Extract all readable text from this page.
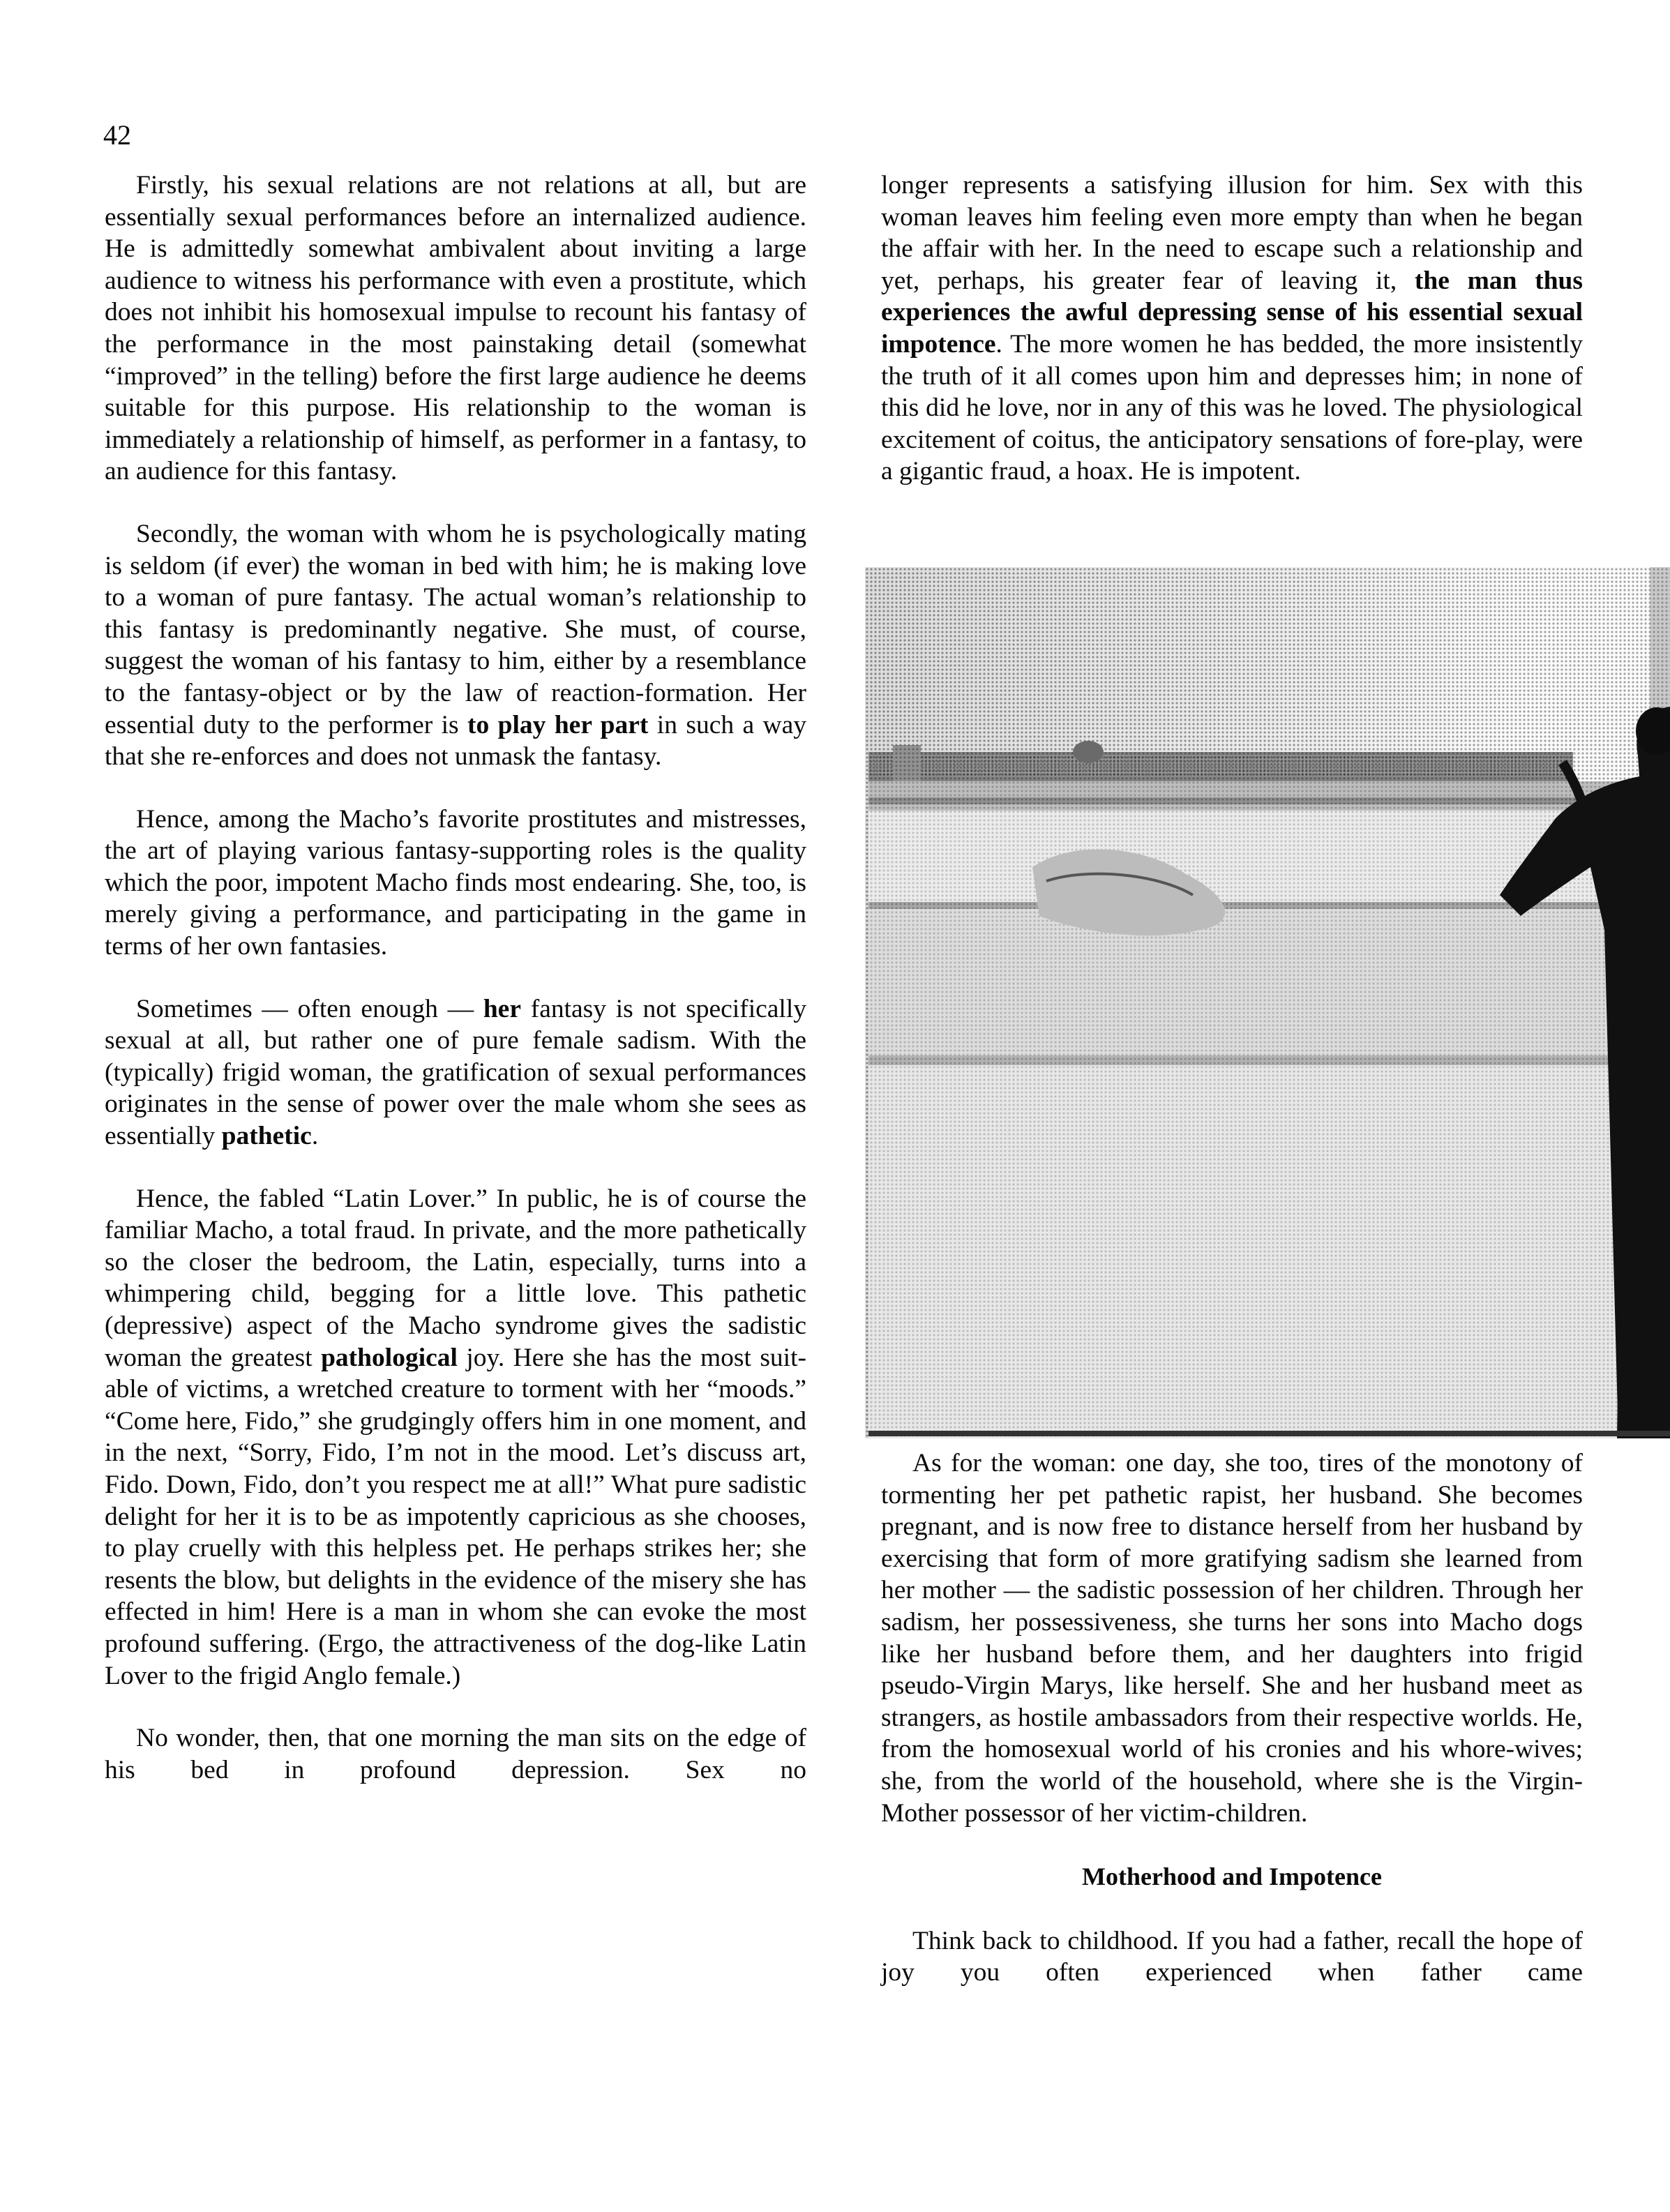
42

Firstly, his sexual relations are not relations at all, but are essentially sexual performances before an internalized audience. He is admittedly somewhat ambivalent about inviting a large audience to witness his performance with even a prostitute, which does not inhibit his homosexual impulse to recount his fantasy of the performance in the most painstaking detail (somewhat “improved” in the telling) before the first large audience he deems suitable for this purpose. His relationship to the woman is immediately a relationship of himself, as performer in a fantasy, to an audience for this fantasy.

Secondly, the woman with whom he is psychologically mating is seldom (if ever) the woman in bed with him; he is making love to a woman of pure fantasy. The actual woman’s relationship to this fantasy is predominantly negative. She must, of course, suggest the woman of his fantasy to him, either by a resemblance to the fantasy-object or by the law of reaction-formation. Her essential duty to the performer is to play her part in such a way that she re-enforces and does not unmask the fantasy.

Hence, among the Macho’s favorite prostitutes and mistresses, the art of playing various fantasy-supporting roles is the quality which the poor, impotent Macho finds most endearing. She, too, is merely giving a performance, and participating in the game in terms of her own fantasies.

Sometimes — often enough — her fantasy is not specifically sexual at all, but rather one of pure female sadism. With the (typically) frigid woman, the gratification of sexual performances originates in the sense of power over the male whom she sees as essentially pathetic.

Hence, the fabled “Latin Lover.” In public, he is of course the familiar Macho, a total fraud. In private, and the more pathetically so the closer the bedroom, the Latin, especially, turns into a whimpering child, begging for a little love. This pathetic (depressive) aspect of the Macho syndrome gives the sadistic woman the greatest pathological joy. Here she has the most suitable of victims, a wretched creature to torment with her “moods.” “Come here, Fido,” she grudgingly offers him in one moment, and in the next, “Sorry, Fido, I’m not in the mood. Let’s discuss art, Fido. Down, Fido, don’t you respect me at all!” What pure sadistic delight for her it is to be as impotently capricious as she chooses, to play cruelly with this helpless pet. He perhaps strikes her; she resents the blow, but delights in the evidence of the misery she has effected in him! Here is a man in whom she can evoke the most profound suffering. (Ergo, the attractiveness of the dog-like Latin Lover to the frigid Anglo female.)

No wonder, then, that one morning the man sits on the edge of his bed in profound depression. Sex no

longer represents a satisfying illusion for him. Sex with this woman leaves him feeling even more empty than when he began the affair with her. In the need to escape such a relationship and yet, perhaps, his greater fear of leaving it, the man thus experiences the awful depressing sense of his essential sexual impotence. The more women he has bedded, the more insistently the truth of it all comes upon him and depresses him; in none of this did he love, nor in any of this was he loved. The physiological excitement of coitus, the anticipatory sensations of fore-play, were a gigantic fraud, a hoax. He is impotent.

As for the woman: one day, she too, tires of the monotony of tormenting her pet pathetic rapist, her husband. She becomes pregnant, and is now free to distance herself from her husband by exercising that form of more gratifying sadism she learned from her mother — the sadistic possession of her children. Through her sadism, her possessiveness, she turns her sons into Macho dogs like her husband before them, and her daughters into frigid pseudo-Virgin Marys, like herself. She and her husband meet as strangers, as hostile ambassadors from their respective worlds. He, from the homosexual world of his cronies and his whore-wives; she, from the world of the household, where she is the Virgin-Mother possessor of her victim-children.

Motherhood and Impotence

Think back to childhood. If you had a father, recall the hope of joy you often experienced when father came
